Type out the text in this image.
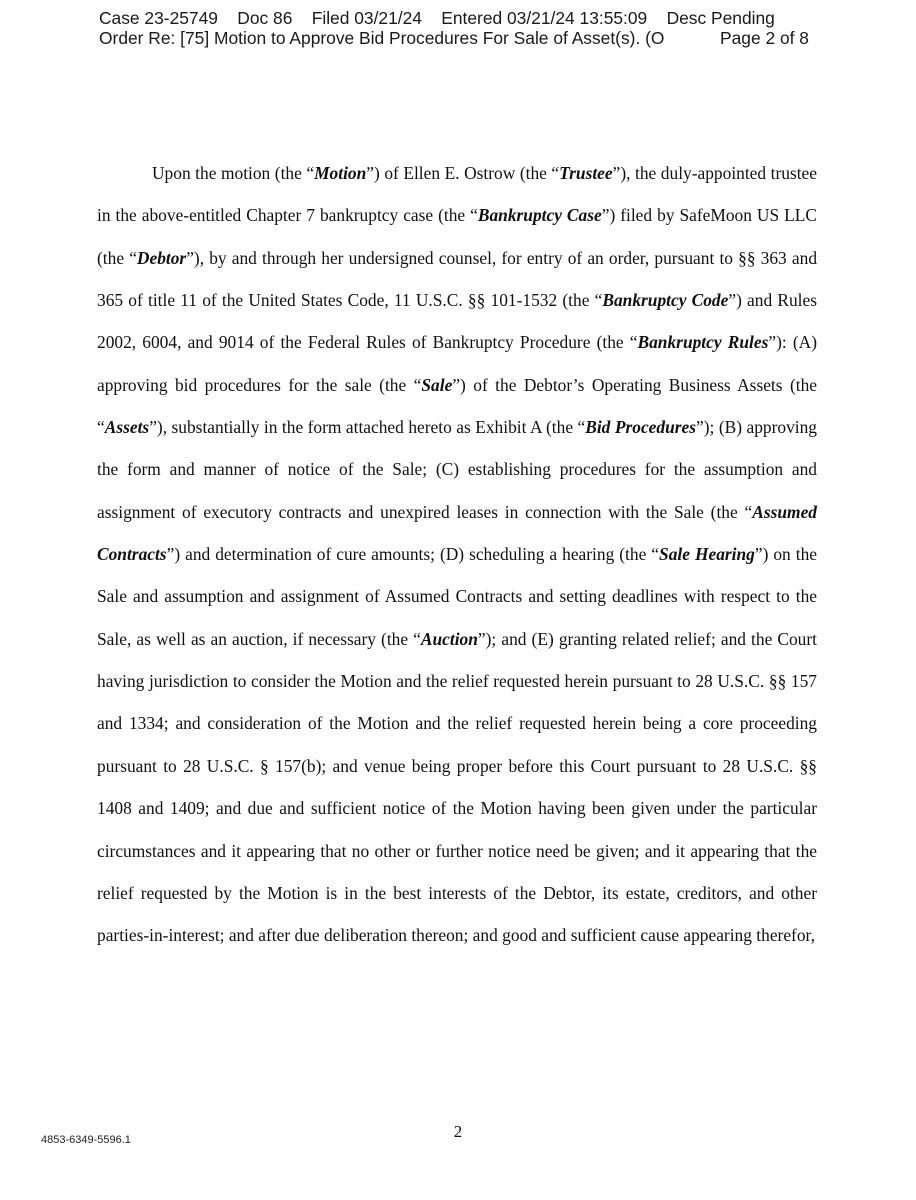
Case 23-25749 Doc 86 Filed 03/21/24 Entered 03/21/24 13:55:09 Desc Pending
Order Re: [75] Motion to Approve Bid Procedures For Sale of Asset(s). (O	Page 2 of 8

Upon the motion (the “Motion”) of Ellen E. Ostrow (the “Trustee”), the duly-appointed trustee in the above-entitled Chapter 7 bankruptcy case (the “Bankruptcy Case”) filed by SafeMoon US LLC (the “Debtor”), by and through her undersigned counsel, for entry of an order, pursuant to §§ 363 and 365 of title 11 of the United States Code, 11 U.S.C. §§ 101-1532 (the “Bankruptcy Code”) and Rules 2002, 6004, and 9014 of the Federal Rules of Bankruptcy Procedure (the “Bankruptcy Rules”): (A) approving bid procedures for the sale (the “Sale”) of the Debtor’s Operating Business Assets (the “Assets”), substantially in the form attached hereto as Exhibit A (the “Bid Procedures”); (B) approving the form and manner of notice of the Sale; (C) establishing procedures for the assumption and assignment of executory contracts and unexpired leases in connection with the Sale (the “Assumed Contracts”) and determination of cure amounts; (D) scheduling a hearing (the “Sale Hearing”) on the Sale and assumption and assignment of Assumed Contracts and setting deadlines with respect to the Sale, as well as an auction, if necessary (the “Auction”); and (E) granting related relief; and the Court having jurisdiction to consider the Motion and the relief requested herein pursuant to 28 U.S.C. §§ 157 and 1334; and consideration of the Motion and the relief requested herein being a core proceeding pursuant to 28 U.S.C. § 157(b); and venue being proper before this Court pursuant to 28 U.S.C. §§ 1408 and 1409; and due and sufficient notice of the Motion having been given under the particular circumstances and it appearing that no other or further notice need be given; and it appearing that the relief requested by the Motion is in the best interests of the Debtor, its estate, creditors, and other parties-in-interest; and after due deliberation thereon; and good and sufficient cause appearing therefor,

2
4853-6349-5596.1
